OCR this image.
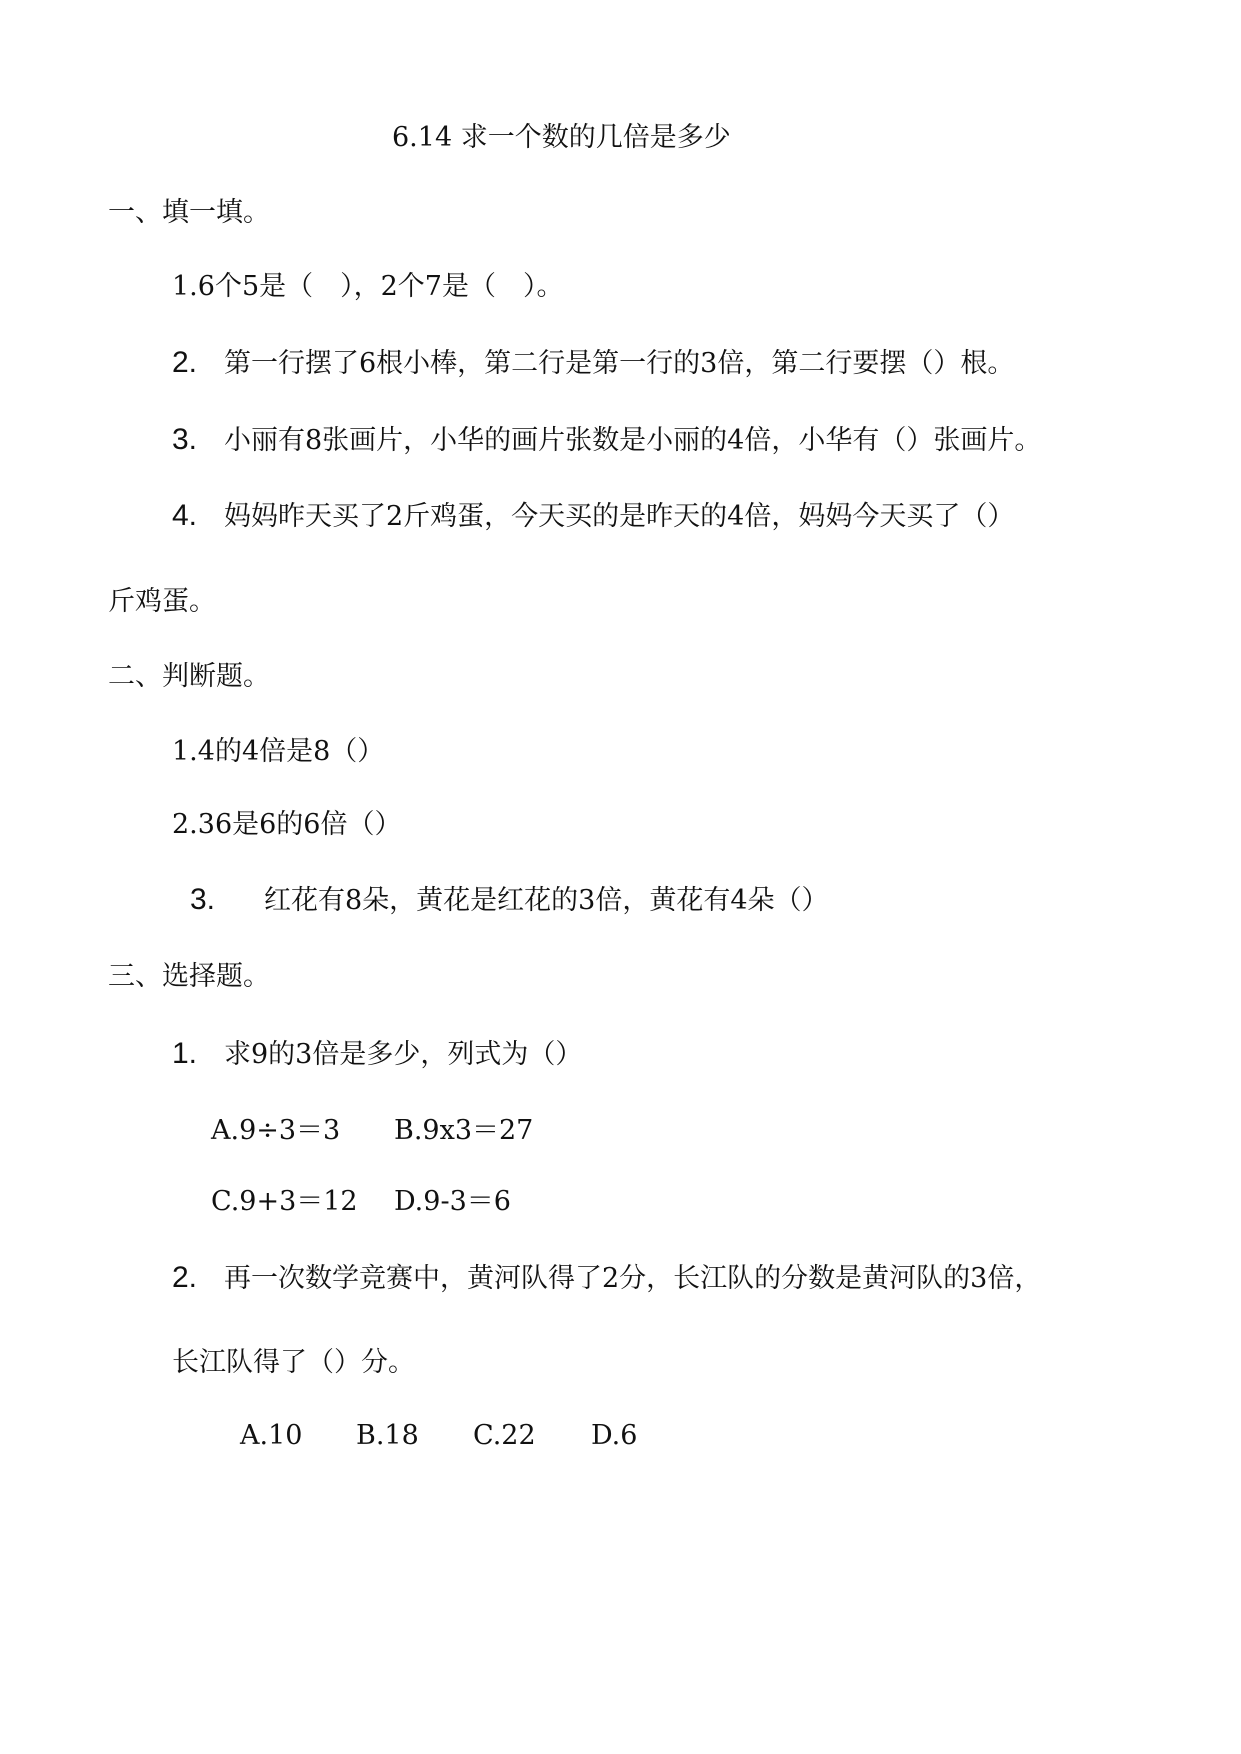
6.14 求一个数的几倍是多少
一、填一填。
1.6个5是（　），2个7是（　）。
2. 第一行摆了6根小棒，第二行是第一行的3倍，第二行要摆（）根。
3. 小丽有8张画片，小华的画片张数是小丽的4倍，小华有（）张画片。
4. 妈妈昨天买了2斤鸡蛋，今天买的是昨天的4倍，妈妈今天买了（）
斤鸡蛋。
二、判断题。
1.4的4倍是8（）
2.36是6的6倍（）
3. 红花有8朵，黄花是红花的3倍，黄花有4朵（）
三、选择题。
1. 求9的3倍是多少，列式为（）
A.9÷3＝3 B.9x3＝27
C.9+3＝12 D.9-3＝6
2. 再一次数学竞赛中，黄河队得了2分，长江队的分数是黄河队的3倍，
长江队得了（）分。
A.10 B.18 C.22 D.6
